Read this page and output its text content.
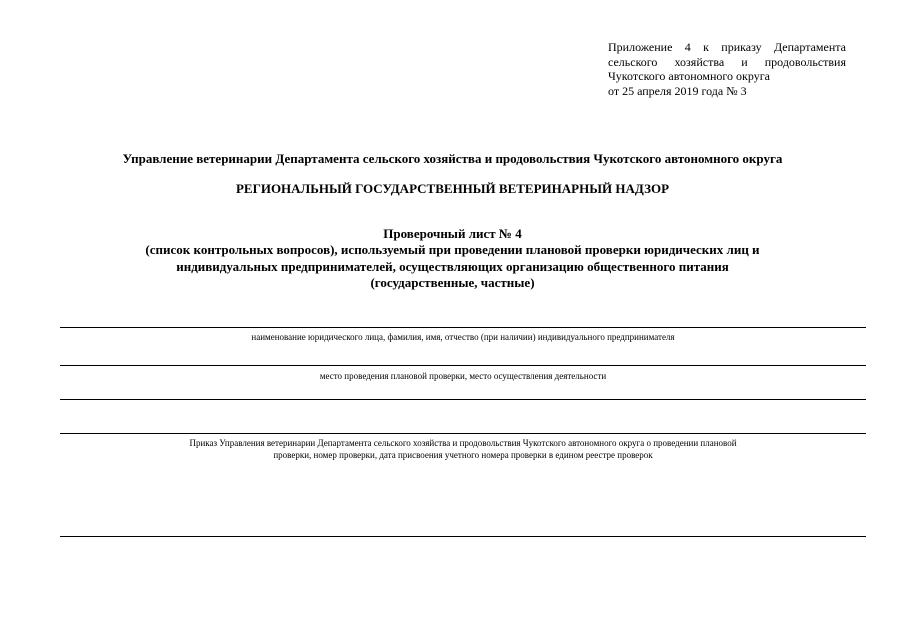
Приложение 4 к приказу Департамента
сельского хозяйства и продовольствия
Чукотского автономного округа
от 25 апреля 2019 года № 3
Управление ветеринарии Департамента сельского хозяйства и продовольствия Чукотского автономного округа
РЕГИОНАЛЬНЫЙ ГОСУДАРСТВЕННЫЙ ВЕТЕРИНАРНЫЙ НАДЗОР
Проверочный лист № 4
(список контрольных вопросов), используемый при проведении плановой проверки юридических лиц и
индивидуальных предпринимателей, осуществляющих организацию общественного питания
(государственные, частные)
наименование юридического лица, фамилия, имя, отчество (при наличии) индивидуального предпринимателя
место проведения плановой проверки, место осуществления деятельности
Приказ Управления ветеринарии Департамента сельского хозяйства и продовольствия Чукотского автономного округа о проведении плановой
проверки, номер проверки, дата присвоения учетного номера проверки в едином реестре проверок
